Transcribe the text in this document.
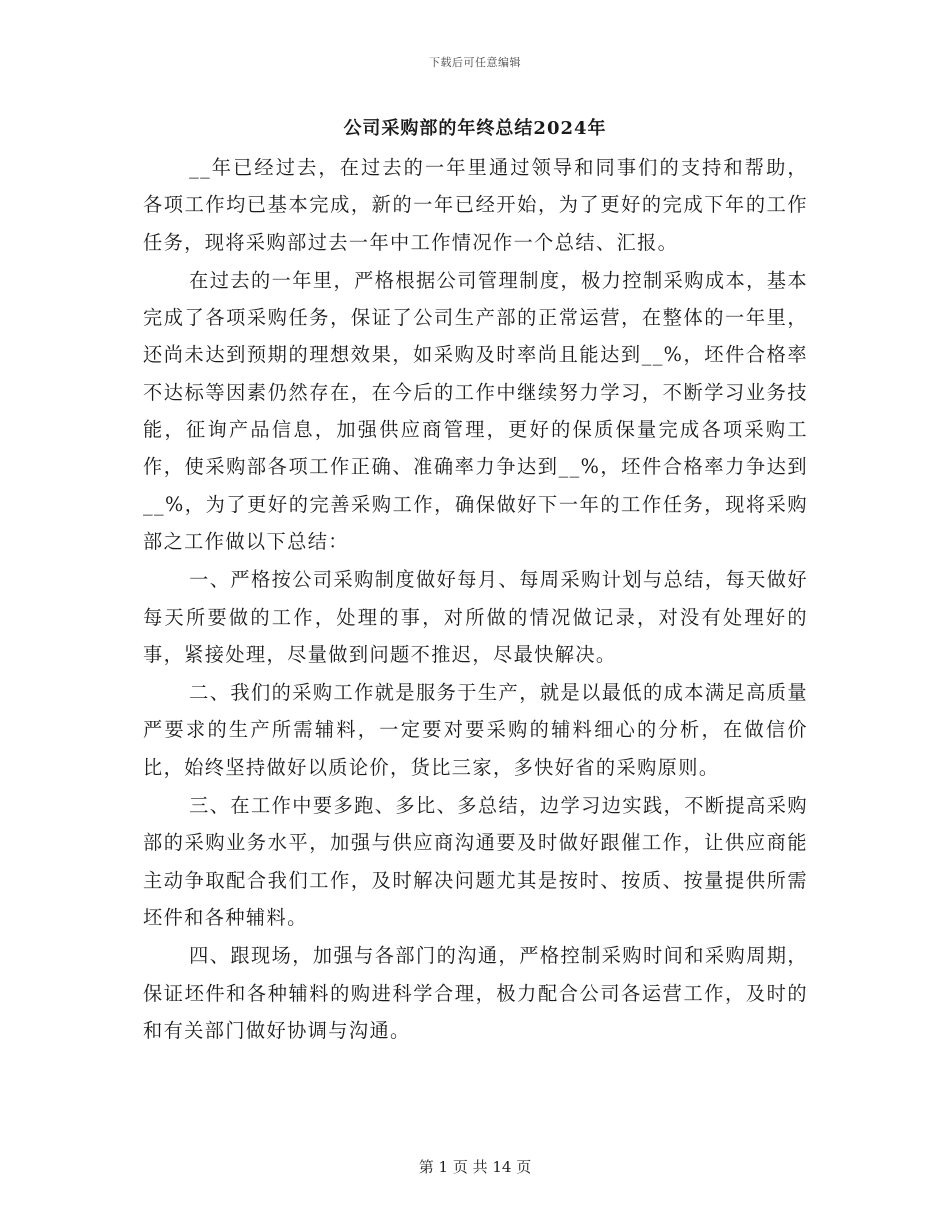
下载后可任意编辑
公司采购部的年终总结2024年

__年已经过去，在过去的一年里通过领导和同事们的支持和帮助，各项工作均已基本完成，新的一年已经开始，为了更好的完成下年的工作任务，现将采购部过去一年中工作情况作一个总结、汇报。

在过去的一年里，严格根据公司管理制度，极力控制采购成本，基本完成了各项采购任务，保证了公司生产部的正常运营，在整体的一年里，还尚未达到预期的理想效果，如采购及时率尚且能达到__%，坯件合格率不达标等因素仍然存在，在今后的工作中继续努力学习，不断学习业务技能，征询产品信息，加强供应商管理，更好的保质保量完成各项采购工作，使采购部各项工作正确、准确率力争达到__%，坯件合格率力争达到__%，为了更好的完善采购工作，确保做好下一年的工作任务，现将采购部之工作做以下总结：

一、严格按公司采购制度做好每月、每周采购计划与总结，每天做好每天所要做的工作，处理的事，对所做的情况做记录，对没有处理好的事，紧接处理，尽量做到问题不推迟，尽最快解决。

二、我们的采购工作就是服务于生产，就是以最低的成本满足高质量严要求的生产所需辅料，一定要对要采购的辅料细心的分析，在做信价比，始终坚持做好以质论价，货比三家，多快好省的采购原则。

三、在工作中要多跑、多比、多总结，边学习边实践，不断提高采购部的采购业务水平，加强与供应商沟通要及时做好跟催工作，让供应商能主动争取配合我们工作，及时解决问题尤其是按时、按质、按量提供所需坯件和各种辅料。

四、跟现场，加强与各部门的沟通，严格控制采购时间和采购周期，保证坯件和各种辅料的购进科学合理，极力配合公司各运营工作，及时的和有关部门做好协调与沟通。

第 1 页 共 14 页
